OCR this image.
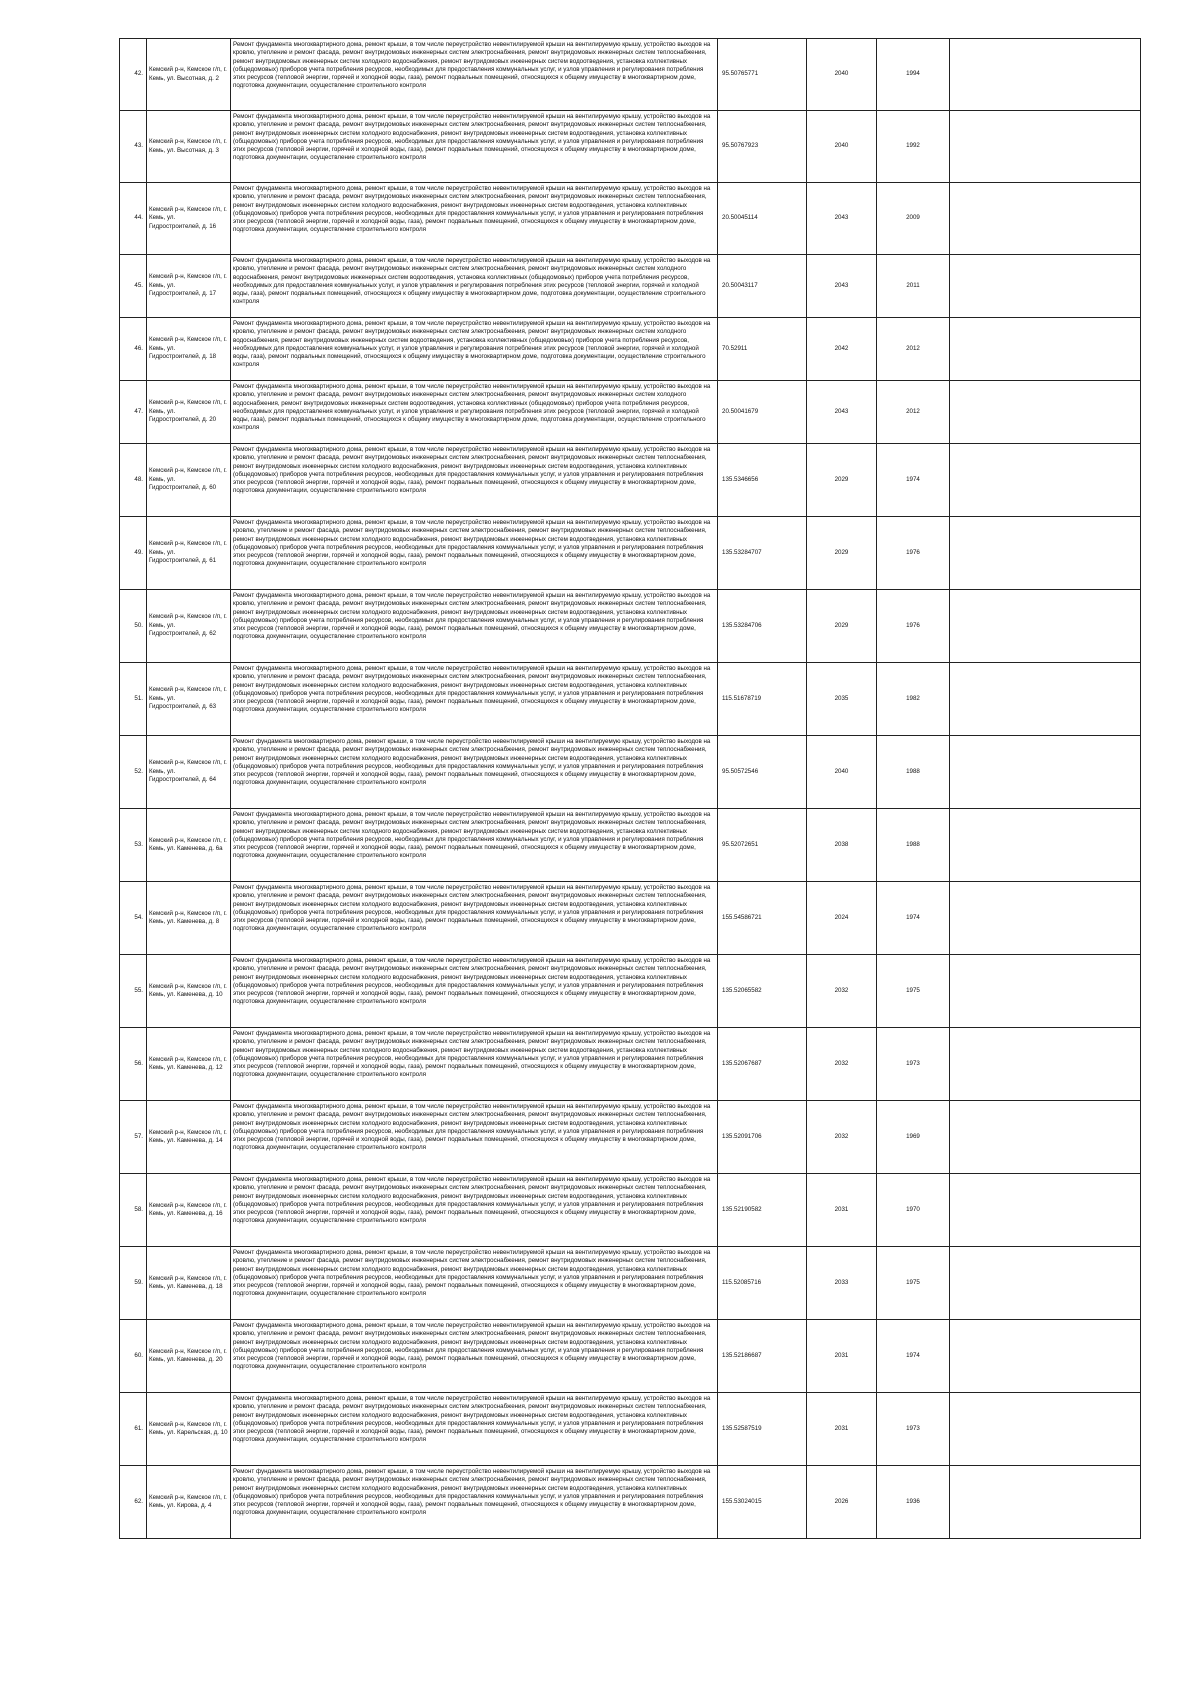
42.	Кемский р-н, Кемское г/п, г. Кемь, ул. Высотная, д. 2	Ремонт фундамента многоквартирного дома, ремонт крыши, в том числе переустройство невентилируемой крыши на вентилируемую крышу, устройство выходов на кровлю, утепление и ремонт фасада, ремонт внутридомовых инженерных систем электроснабжения, ремонт внутридомовых инженерных систем теплоснабжения, ремонт внутридомовых инженерных систем холодного водоснабжения, ремонт внутридомовых инженерных систем водоотведения, установка коллективных (общедомовых) приборов учета потребления ресурсов, необходимых для предоставления коммунальных услуг, и узлов управления и регулирования потребления этих ресурсов (тепловой энергии, горячей и холодной воды, газа), ремонт подвальных помещений, относящихся к общему имуществу в многоквартирном доме, подготовка документации, осуществление строительного контроля	95.50765771	2040	1994	
43.	Кемский р-н, Кемское г/п, г. Кемь, ул. Высотная, д. 3	Ремонт фундамента многоквартирного дома, ремонт крыши, в том числе переустройство невентилируемой крыши на вентилируемую крышу, устройство выходов на кровлю, утепление и ремонт фасада, ремонт внутридомовых инженерных систем электроснабжения, ремонт внутридомовых инженерных систем теплоснабжения, ремонт внутридомовых инженерных систем холодного водоснабжения, ремонт внутридомовых инженерных систем водоотведения, установка коллективных (общедомовых) приборов учета потребления ресурсов, необходимых для предоставления коммунальных услуг, и узлов управления и регулирования потребления этих ресурсов (тепловой энергии, горячей и холодной воды, газа), ремонт подвальных помещений, относящихся к общему имуществу в многоквартирном доме, подготовка документации, осуществление строительного контроля	95.50767923	2040	1992	
44.	Кемский р-н, Кемское г/п, г. Кемь, ул. Гидростроителей, д. 16	Ремонт фундамента многоквартирного дома, ремонт крыши, в том числе переустройство невентилируемой крыши на вентилируемую крышу, устройство выходов на кровлю, утепление и ремонт фасада, ремонт внутридомовых инженерных систем электроснабжения, ремонт внутридомовых инженерных систем теплоснабжения, ремонт внутридомовых инженерных систем холодного водоснабжения, ремонт внутридомовых инженерных систем водоотведения, установка коллективных (общедомовых) приборов учета потребления ресурсов, необходимых для предоставления коммунальных услуг, и узлов управления и регулирования потребления этих ресурсов (тепловой энергии, горячей и холодной воды, газа), ремонт подвальных помещений, относящихся к общему имуществу в многоквартирном доме, подготовка документации, осуществление строительного контроля	20.50045114	2043	2009	
45.	Кемский р-н, Кемское г/п, г. Кемь, ул. Гидростроителей, д. 17	Ремонт фундамента многоквартирного дома, ремонт крыши, в том числе переустройство невентилируемой крыши на вентилируемую крышу, устройство выходов на кровлю, утепление и ремонт фасада, ремонт внутридомовых инженерных систем электроснабжения, ремонт внутридомовых инженерных систем холодного водоснабжения, ремонт внутридомовых инженерных систем водоотведения, установка коллективных (общедомовых) приборов учета потребления ресурсов, необходимых для предоставления коммунальных услуг, и узлов управления и регулирования потребления этих ресурсов (тепловой энергии, горячей и холодной воды, газа), ремонт подвальных помещений, относящихся к общему имуществу в многоквартирном доме, подготовка документации, осуществление строительного контроля	20.50043117	2043	2011	
46.	Кемский р-н, Кемское г/п, г. Кемь, ул. Гидростроителей, д. 18	Ремонт фундамента многоквартирного дома, ремонт крыши, в том числе переустройство невентилируемой крыши на вентилируемую крышу, устройство выходов на кровлю, утепление и ремонт фасада, ремонт внутридомовых инженерных систем электроснабжения, ремонт внутридомовых инженерных систем холодного водоснабжения, ремонт внутридомовых инженерных систем водоотведения, установка коллективных (общедомовых) приборов учета потребления ресурсов, необходимых для предоставления коммунальных услуг, и узлов управления и регулирования потребления этих ресурсов (тепловой энергии, горячей и холодной воды, газа), ремонт подвальных помещений, относящихся к общему имуществу в многоквартирном доме, подготовка документации, осуществление строительного контроля	70.52911	2042	2012	
47.	Кемский р-н, Кемское г/п, г. Кемь, ул. Гидростроителей, д. 20	Ремонт фундамента многоквартирного дома, ремонт крыши, в том числе переустройство невентилируемой крыши на вентилируемую крышу, устройство выходов на кровлю, утепление и ремонт фасада, ремонт внутридомовых инженерных систем электроснабжения, ремонт внутридомовых инженерных систем холодного водоснабжения, ремонт внутридомовых инженерных систем водоотведения, установка коллективных (общедомовых) приборов учета потребления ресурсов, необходимых для предоставления коммунальных услуг, и узлов управления и регулирования потребления этих ресурсов (тепловой энергии, горячей и холодной воды, газа), ремонт подвальных помещений, относящихся к общему имуществу в многоквартирном доме, подготовка документации, осуществление строительного контроля	20.50041679	2043	2012	
48.	Кемский р-н, Кемское г/п, г. Кемь, ул. Гидростроителей, д. 60	Ремонт фундамента многоквартирного дома, ремонт крыши, в том числе переустройство невентилируемой крыши на вентилируемую крышу, устройство выходов на кровлю, утепление и ремонт фасада, ремонт внутридомовых инженерных систем электроснабжения, ремонт внутридомовых инженерных систем теплоснабжения, ремонт внутридомовых инженерных систем холодного водоснабжения, ремонт внутридомовых инженерных систем водоотведения, установка коллективных (общедомовых) приборов учета потребления ресурсов, необходимых для предоставления коммунальных услуг, и узлов управления и регулирования потребления этих ресурсов (тепловой энергии, горячей и холодной воды, газа), ремонт подвальных помещений, относящихся к общему имуществу в многоквартирном доме, подготовка документации, осуществление строительного контроля	135.5346656	2029	1974	
49.	Кемский р-н, Кемское г/п, г. Кемь, ул. Гидростроителей, д. 61	Ремонт фундамента многоквартирного дома, ремонт крыши, в том числе переустройство невентилируемой крыши на вентилируемую крышу, устройство выходов на кровлю, утепление и ремонт фасада, ремонт внутридомовых инженерных систем электроснабжения, ремонт внутридомовых инженерных систем теплоснабжения, ремонт внутридомовых инженерных систем холодного водоснабжения, ремонт внутридомовых инженерных систем водоотведения, установка коллективных (общедомовых) приборов учета потребления ресурсов, необходимых для предоставления коммунальных услуг, и узлов управления и регулирования потребления этих ресурсов (тепловой энергии, горячей и холодной воды, газа), ремонт подвальных помещений, относящихся к общему имуществу в многоквартирном доме, подготовка документации, осуществление строительного контроля	135.53284707	2029	1976	
50.	Кемский р-н, Кемское г/п, г. Кемь, ул. Гидростроителей, д. 62	Ремонт фундамента многоквартирного дома, ремонт крыши, в том числе переустройство невентилируемой крыши на вентилируемую крышу, устройство выходов на кровлю, утепление и ремонт фасада, ремонт внутридомовых инженерных систем электроснабжения, ремонт внутридомовых инженерных систем теплоснабжения, ремонт внутридомовых инженерных систем холодного водоснабжения, ремонт внутридомовых инженерных систем водоотведения, установка коллективных (общедомовых) приборов учета потребления ресурсов, необходимых для предоставления коммунальных услуг, и узлов управления и регулирования потребления этих ресурсов (тепловой энергии, горячей и холодной воды, газа), ремонт подвальных помещений, относящихся к общему имуществу в многоквартирном доме, подготовка документации, осуществление строительного контроля	135.53284706	2029	1976	
51.	Кемский р-н, Кемское г/п, г. Кемь, ул. Гидростроителей, д. 63	Ремонт фундамента многоквартирного дома, ремонт крыши, в том числе переустройство невентилируемой крыши на вентилируемую крышу, устройство выходов на кровлю, утепление и ремонт фасада, ремонт внутридомовых инженерных систем электроснабжения, ремонт внутридомовых инженерных систем теплоснабжения, ремонт внутридомовых инженерных систем холодного водоснабжения, ремонт внутридомовых инженерных систем водоотведения, установка коллективных (общедомовых) приборов учета потребления ресурсов, необходимых для предоставления коммунальных услуг, и узлов управления и регулирования потребления этих ресурсов (тепловой энергии, горячей и холодной воды, газа), ремонт подвальных помещений, относящихся к общему имуществу в многоквартирном доме, подготовка документации, осуществление строительного контроля	115.51678719	2035	1982	
52.	Кемский р-н, Кемское г/п, г. Кемь, ул. Гидростроителей, д. 64	Ремонт фундамента многоквартирного дома, ремонт крыши, в том числе переустройство невентилируемой крыши на вентилируемую крышу, устройство выходов на кровлю, утепление и ремонт фасада, ремонт внутридомовых инженерных систем электроснабжения, ремонт внутридомовых инженерных систем теплоснабжения, ремонт внутридомовых инженерных систем холодного водоснабжения, ремонт внутридомовых инженерных систем водоотведения, установка коллективных (общедомовых) приборов учета потребления ресурсов, необходимых для предоставления коммунальных услуг, и узлов управления и регулирования потребления этих ресурсов (тепловой энергии, горячей и холодной воды, газа), ремонт подвальных помещений, относящихся к общему имуществу в многоквартирном доме, подготовка документации, осуществление строительного контроля	95.50572546	2040	1988	
53.	Кемский р-н, Кемское г/п, г. Кемь, ул. Каменева, д. 6а	Ремонт фундамента многоквартирного дома, ремонт крыши, в том числе переустройство невентилируемой крыши на вентилируемую крышу, устройство выходов на кровлю, утепление и ремонт фасада, ремонт внутридомовых инженерных систем электроснабжения, ремонт внутридомовых инженерных систем теплоснабжения, ремонт внутридомовых инженерных систем холодного водоснабжения, ремонт внутридомовых инженерных систем водоотведения, установка коллективных (общедомовых) приборов учета потребления ресурсов, необходимых для предоставления коммунальных услуг, и узлов управления и регулирования потребления этих ресурсов (тепловой энергии, горячей и холодной воды, газа), ремонт подвальных помещений, относящихся к общему имуществу в многоквартирном доме, подготовка документации, осуществление строительного контроля	95.52072651	2038	1988	
54.	Кемский р-н, Кемское г/п, г. Кемь, ул. Каменева, д. 8	Ремонт фундамента многоквартирного дома, ремонт крыши, в том числе переустройство невентилируемой крыши на вентилируемую крышу, устройство выходов на кровлю, утепление и ремонт фасада, ремонт внутридомовых инженерных систем электроснабжения, ремонт внутридомовых инженерных систем теплоснабжения, ремонт внутридомовых инженерных систем холодного водоснабжения, ремонт внутридомовых инженерных систем водоотведения, установка коллективных (общедомовых) приборов учета потребления ресурсов, необходимых для предоставления коммунальных услуг, и узлов управления и регулирования потребления этих ресурсов (тепловой энергии, горячей и холодной воды, газа), ремонт подвальных помещений, относящихся к общему имуществу в многоквартирном доме, подготовка документации, осуществление строительного контроля	155.54586721	2024	1974	
55.	Кемский р-н, Кемское г/п, г. Кемь, ул. Каменева, д. 10	Ремонт фундамента многоквартирного дома, ремонт крыши, в том числе переустройство невентилируемой крыши на вентилируемую крышу, устройство выходов на кровлю, утепление и ремонт фасада, ремонт внутридомовых инженерных систем электроснабжения, ремонт внутридомовых инженерных систем теплоснабжения, ремонт внутридомовых инженерных систем холодного водоснабжения, ремонт внутридомовых инженерных систем водоотведения, установка коллективных (общедомовых) приборов учета потребления ресурсов, необходимых для предоставления коммунальных услуг, и узлов управления и регулирования потребления этих ресурсов (тепловой энергии, горячей и холодной воды, газа), ремонт подвальных помещений, относящихся к общему имуществу в многоквартирном доме, подготовка документации, осуществление строительного контроля	135.52065582	2032	1975	
56.	Кемский р-н, Кемское г/п, г. Кемь, ул. Каменева, д. 12	Ремонт фундамента многоквартирного дома, ремонт крыши, в том числе переустройство невентилируемой крыши на вентилируемую крышу, устройство выходов на кровлю, утепление и ремонт фасада, ремонт внутридомовых инженерных систем электроснабжения, ремонт внутридомовых инженерных систем теплоснабжения, ремонт внутридомовых инженерных систем холодного водоснабжения, ремонт внутридомовых инженерных систем водоотведения, установка коллективных (общедомовых) приборов учета потребления ресурсов, необходимых для предоставления коммунальных услуг, и узлов управления и регулирования потребления этих ресурсов (тепловой энергии, горячей и холодной воды, газа), ремонт подвальных помещений, относящихся к общему имуществу в многоквартирном доме, подготовка документации, осуществление строительного контроля	135.52067687	2032	1973	
57.	Кемский р-н, Кемское г/п, г. Кемь, ул. Каменева, д. 14	Ремонт фундамента многоквартирного дома, ремонт крыши, в том числе переустройство невентилируемой крыши на вентилируемую крышу, устройство выходов на кровлю, утепление и ремонт фасада, ремонт внутридомовых инженерных систем электроснабжения, ремонт внутридомовых инженерных систем теплоснабжения, ремонт внутридомовых инженерных систем холодного водоснабжения, ремонт внутридомовых инженерных систем водоотведения, установка коллективных (общедомовых) приборов учета потребления ресурсов, необходимых для предоставления коммунальных услуг, и узлов управления и регулирования потребления этих ресурсов (тепловой энергии, горячей и холодной воды, газа), ремонт подвальных помещений, относящихся к общему имуществу в многоквартирном доме, подготовка документации, осуществление строительного контроля	135.52091706	2032	1969	
58.	Кемский р-н, Кемское г/п, г. Кемь, ул. Каменева, д. 16	Ремонт фундамента многоквартирного дома, ремонт крыши, в том числе переустройство невентилируемой крыши на вентилируемую крышу, устройство выходов на кровлю, утепление и ремонт фасада, ремонт внутридомовых инженерных систем электроснабжения, ремонт внутридомовых инженерных систем теплоснабжения, ремонт внутридомовых инженерных систем холодного водоснабжения, ремонт внутридомовых инженерных систем водоотведения, установка коллективных (общедомовых) приборов учета потребления ресурсов, необходимых для предоставления коммунальных услуг, и узлов управления и регулирования потребления этих ресурсов (тепловой энергии, горячей и холодной воды, газа), ремонт подвальных помещений, относящихся к общему имуществу в многоквартирном доме, подготовка документации, осуществление строительного контроля	135.52190582	2031	1970	
59.	Кемский р-н, Кемское г/п, г. Кемь, ул. Каменева, д. 18	Ремонт фундамента многоквартирного дома, ремонт крыши, в том числе переустройство невентилируемой крыши на вентилируемую крышу, устройство выходов на кровлю, утепление и ремонт фасада, ремонт внутридомовых инженерных систем электроснабжения, ремонт внутридомовых инженерных систем теплоснабжения, ремонт внутридомовых инженерных систем холодного водоснабжения, ремонт внутридомовых инженерных систем водоотведения, установка коллективных (общедомовых) приборов учета потребления ресурсов, необходимых для предоставления коммунальных услуг, и узлов управления и регулирования потребления этих ресурсов (тепловой энергии, горячей и холодной воды, газа), ремонт подвальных помещений, относящихся к общему имуществу в многоквартирном доме, подготовка документации, осуществление строительного контроля	115.52085716	2033	1975	
60.	Кемский р-н, Кемское г/п, г. Кемь, ул. Каменева, д. 20	Ремонт фундамента многоквартирного дома, ремонт крыши, в том числе переустройство невентилируемой крыши на вентилируемую крышу, устройство выходов на кровлю, утепление и ремонт фасада, ремонт внутридомовых инженерных систем электроснабжения, ремонт внутридомовых инженерных систем теплоснабжения, ремонт внутридомовых инженерных систем холодного водоснабжения, ремонт внутридомовых инженерных систем водоотведения, установка коллективных (общедомовых) приборов учета потребления ресурсов, необходимых для предоставления коммунальных услуг, и узлов управления и регулирования потребления этих ресурсов (тепловой энергии, горячей и холодной воды, газа), ремонт подвальных помещений, относящихся к общему имуществу в многоквартирном доме, подготовка документации, осуществление строительного контроля	135.52186687	2031	1974	
61.	Кемский р-н, Кемское г/п, г. Кемь, ул. Карельская, д. 10	Ремонт фундамента многоквартирного дома, ремонт крыши, в том числе переустройство невентилируемой крыши на вентилируемую крышу, устройство выходов на кровлю, утепление и ремонт фасада, ремонт внутридомовых инженерных систем электроснабжения, ремонт внутридомовых инженерных систем теплоснабжения, ремонт внутридомовых инженерных систем холодного водоснабжения, ремонт внутридомовых инженерных систем водоотведения, установка коллективных (общедомовых) приборов учета потребления ресурсов, необходимых для предоставления коммунальных услуг, и узлов управления и регулирования потребления этих ресурсов (тепловой энергии, горячей и холодной воды, газа), ремонт подвальных помещений, относящихся к общему имуществу в многоквартирном доме, подготовка документации, осуществление строительного контроля	135.52587519	2031	1973	
62.	Кемский р-н, Кемское г/п, г. Кемь, ул. Кирова, д. 4	Ремонт фундамента многоквартирного дома, ремонт крыши, в том числе переустройство невентилируемой крыши на вентилируемую крышу, устройство выходов на кровлю, утепление и ремонт фасада, ремонт внутридомовых инженерных систем электроснабжения, ремонт внутридомовых инженерных систем теплоснабжения, ремонт внутридомовых инженерных систем холодного водоснабжения, ремонт внутридомовых инженерных систем водоотведения, установка коллективных (общедомовых) приборов учета потребления ресурсов, необходимых для предоставления коммунальных услуг, и узлов управления и регулирования потребления этих ресурсов (тепловой энергии, горячей и холодной воды, газа), ремонт подвальных помещений, относящихся к общему имуществу в многоквартирном доме, подготовка документации, осуществление строительного контроля	155.53024015	2026	1936	
